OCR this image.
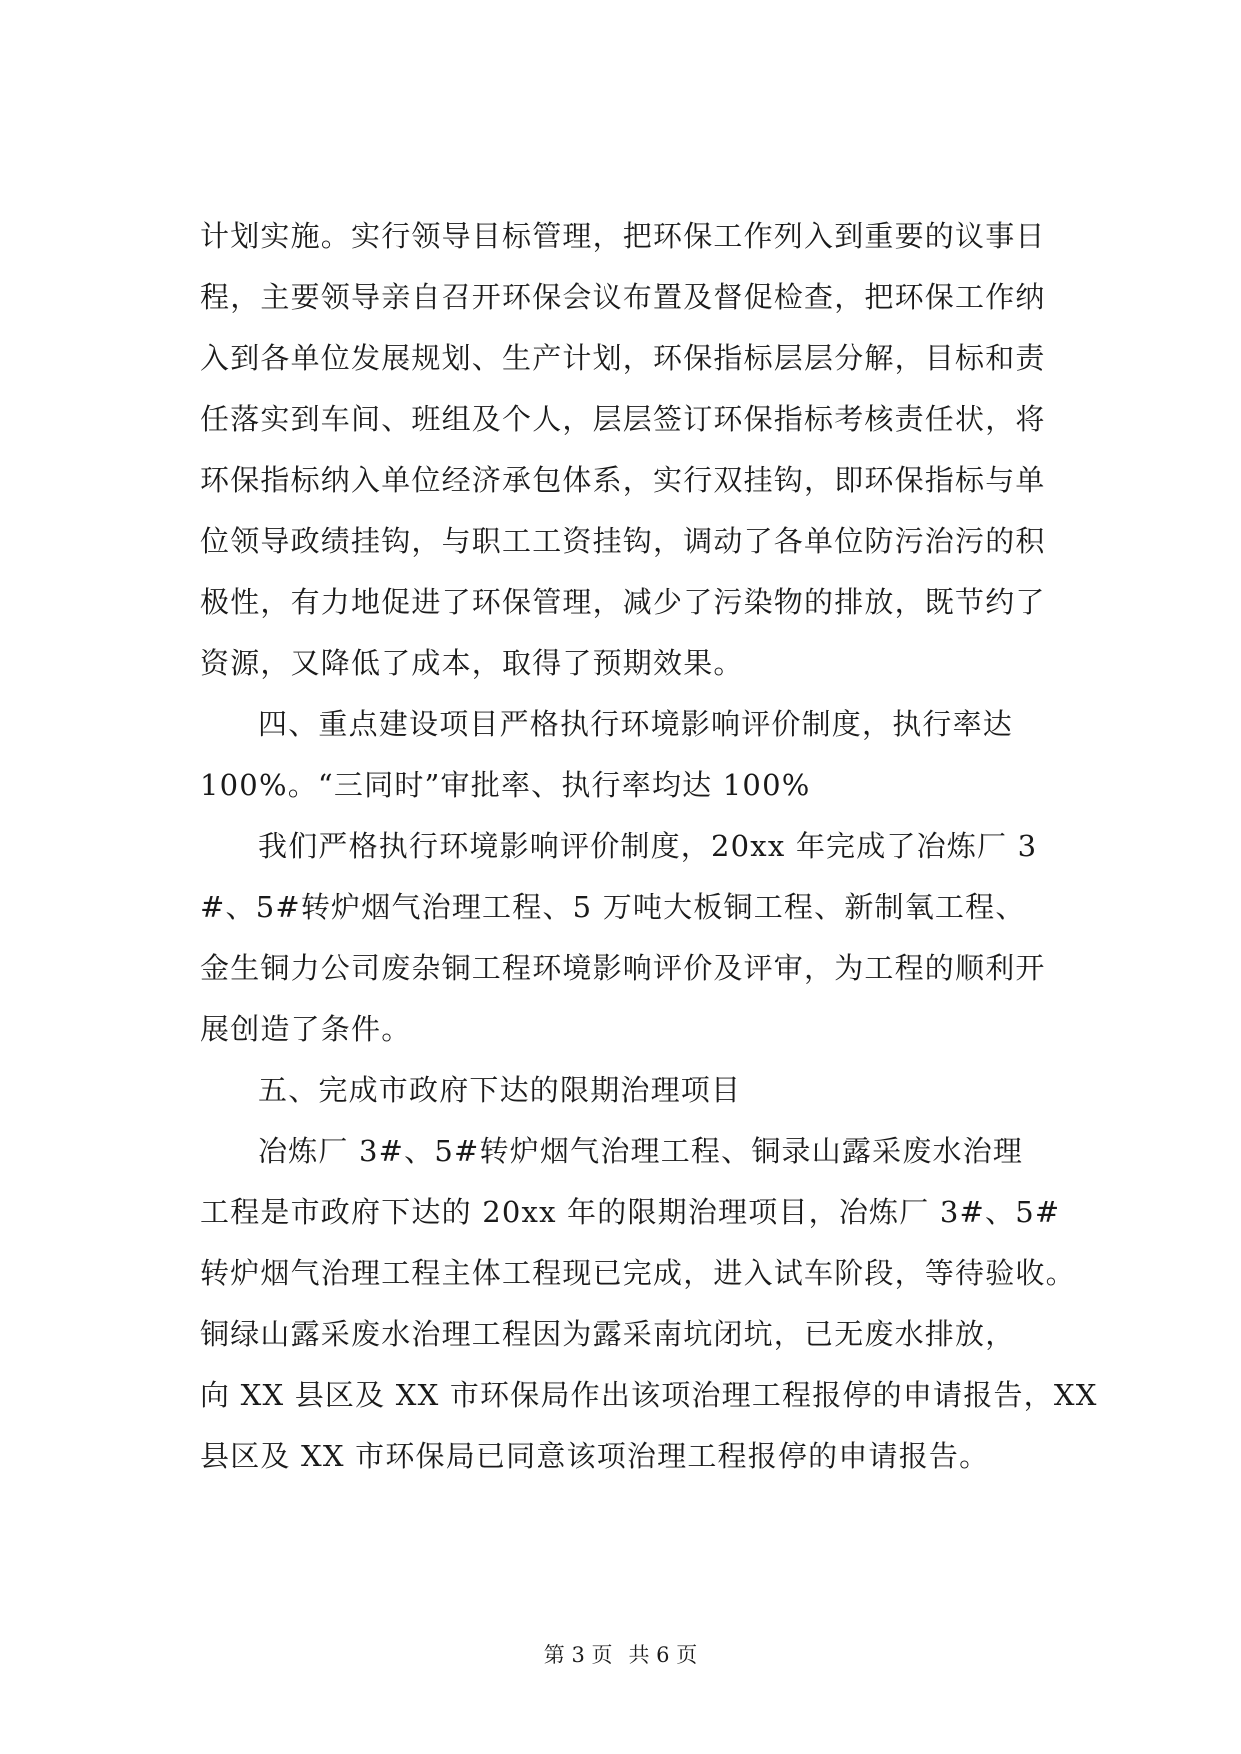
计划实施。实行领导目标管理，把环保工作列入到重要的议事日
程，主要领导亲自召开环保会议布置及督促检查，把环保工作纳
入到各单位发展规划、生产计划，环保指标层层分解，目标和责
任落实到车间、班组及个人，层层签订环保指标考核责任状，将
环保指标纳入单位经济承包体系，实行双挂钩，即环保指标与单
位领导政绩挂钩，与职工工资挂钩，调动了各单位防污治污的积
极性，有力地促进了环保管理，减少了污染物的排放，既节约了
资源，又降低了成本，取得了预期效果。
四、重点建设项目严格执行环境影响评价制度，执行率达
100%。“三同时”审批率、执行率均达 100%
我们严格执行环境影响评价制度，20xx 年完成了冶炼厂 3
#、5#转炉烟气治理工程、5 万吨大板铜工程、新制氧工程、
金生铜力公司废杂铜工程环境影响评价及评审，为工程的顺利开
展创造了条件。
五、完成市政府下达的限期治理项目
冶炼厂 3#、5#转炉烟气治理工程、铜录山露采废水治理
工程是市政府下达的 20xx 年的限期治理项目，冶炼厂 3#、5#
转炉烟气治理工程主体工程现已完成，进入试车阶段，等待验收。
铜绿山露采废水治理工程因为露采南坑闭坑，已无废水排放，
向 XX 县区及 XX 市环保局作出该项治理工程报停的申请报告，XX
县区及 XX 市环保局已同意该项治理工程报停的申请报告。
第 3 页 共 6 页
